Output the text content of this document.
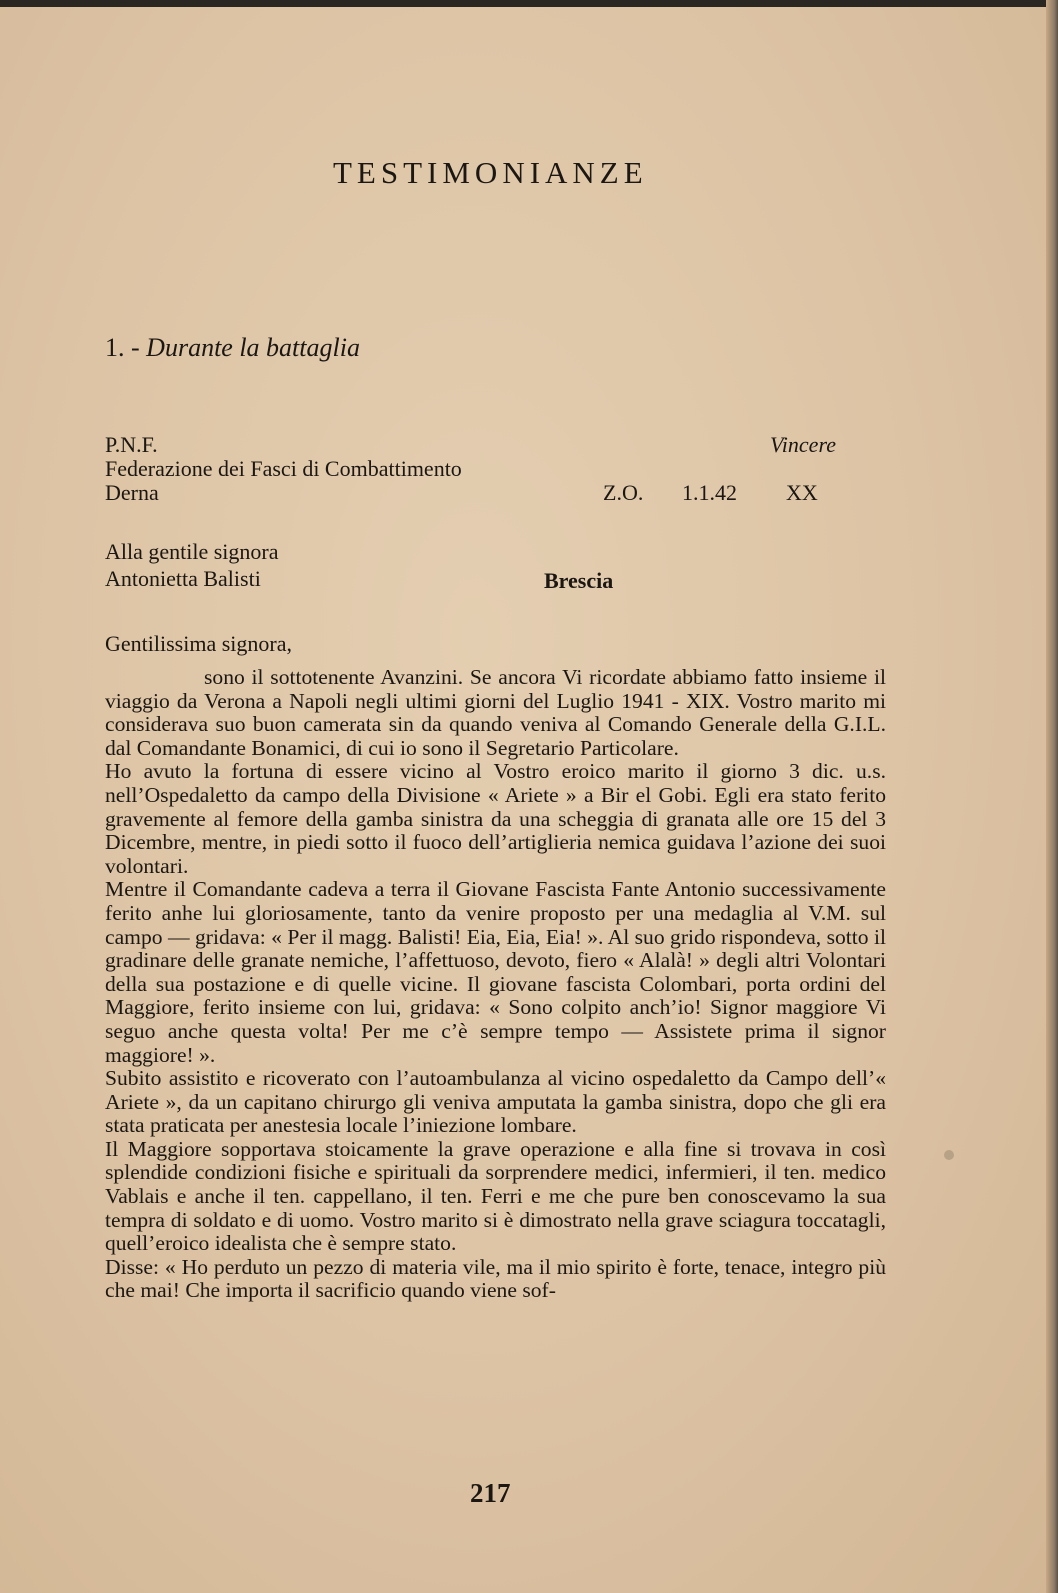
TESTIMONIANZE
1. - Durante la battaglia
P.N.F.	Vincere
Federazione dei Fasci di Combattimento
Derna	Z.O. 1.1.42 XX
Alla gentile signora
Antonietta Balisti	Brescia
Gentilissima signora,

sono il sottotenente Avanzini. Se ancora Vi ricordate abbiamo fatto insieme il viaggio da Verona a Napoli negli ultimi giorni del Luglio 1941 - XIX. Vostro marito mi considerava suo buon camerata sin da quando veniva al Comando Generale della G.I.L. dal Comandante Bonamici, di cui io sono il Segretario Particolare.

Ho avuto la fortuna di essere vicino al Vostro eroico marito il giorno 3 dic. u.s. nell’Ospedaletto da campo della Divisione « Ariete » a Bir el Gobi. Egli era stato ferito gravemente al femore della gamba sinistra da una scheggia di granata alle ore 15 del 3 Dicembre, mentre, in piedi sotto il fuoco dell’artiglieria nemica guidava l’azione dei suoi volontari.

Mentre il Comandante cadeva a terra il Giovane Fascista Fante Antonio successivamente ferito anhe lui gloriosamente, tanto da venire proposto per una medaglia al V.M. sul campo — gridava: « Per il magg. Balisti! Eia, Eia, Eia! ». Al suo grido rispondeva, sotto il gradinare delle granate nemiche, l’affettuoso, devoto, fiero « Alalà! » degli altri Volontari della sua postazione e di quelle vicine. Il giovane fascista Colombari, porta ordini del Maggiore, ferito insieme con lui, gridava: « Sono colpito anch’io! Signor maggiore Vi seguo anche questa volta! Per me c’è sempre tempo — Assistete prima il signor maggiore! ».

Subito assistito e ricoverato con l’autoambulanza al vicino ospedaletto da Campo dell’« Ariete », da un capitano chirurgo gli veniva amputata la gamba sinistra, dopo che gli era stata praticata per anestesia locale l’iniezione lombare.

Il Maggiore sopportava stoicamente la grave operazione e alla fine si trovava in così splendide condizioni fisiche e spirituali da sorprendere medici, infermieri, il ten. medico Vablais e anche il ten. cappellano, il ten. Ferri e me che pure ben conoscevamo la sua tempra di soldato e di uomo. Vostro marito si è dimostrato nella grave sciagura toccatagli, quell’eroico idealista che è sempre stato.

Disse: « Ho perduto un pezzo di materia vile, ma il mio spirito è forte, tenace, integro più che mai! Che importa il sacrificio quando viene sof-

217
